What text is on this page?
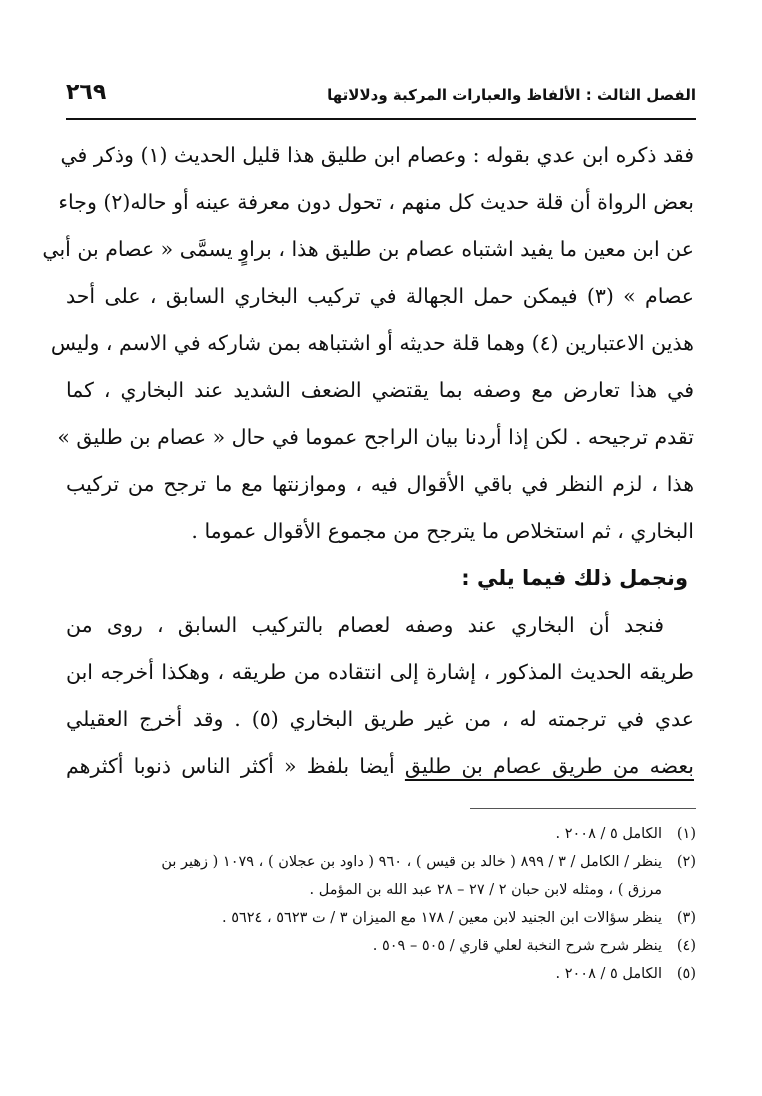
الفصل الثالث : الألفاظ والعبارات المركبة ودلالاتها
٢٦٩
فقد ذكره ابن عدي بقوله : وعصام ابن طليق هذا قليل الحديث (١) وذكر في
بعض الرواة أن قلة حديث كل منهم ، تحول دون معرفة عينه أو حاله(٢) وجاء
عن ابن معين ما يفيد اشتباه عصام بن طليق هذا ، براوٍ يسمَّى « عصام بن أبي
عصام » (٣) فيمكن حمل الجهالة في تركيب البخاري السابق ، على أحد
هذين الاعتبارين (٤) وهما قلة حديثه أو اشتباهه بمن شاركه في الاسم ، وليس
في هذا تعارض مع وصفه بما يقتضي الضعف الشديد عند البخاري ، كما
تقدم ترجيحه . لكن إذا أردنا بيان الراجح عموما في حال « عصام بن طليق »
هذا ، لزم النظر في باقي الأقوال فيه ، وموازنتها مع ما ترجح من تركيب
البخاري ، ثم استخلاص ما يترجح من مجموع الأقوال عموما .
ونجمل ذلك فيما يلي :
فنجد أن البخاري عند وصفه لعصام بالتركيب السابق ، روى من
طريقه الحديث المذكور ، إشارة إلى انتقاده من طريقه ، وهكذا أخرجه ابن
عدي في ترجمته له ، من غير طريق البخاري (٥) . وقد أخرج العقيلي
بعضه من طريق عصام بن طليق أيضا بلفظ « أكثر الناس ذنوبا أكثرهم
(١)الكامل ٥ / ٢٠٠٨ .
(٢)ينظر / الكامل / ٣ / ٨٩٩ ( خالد بن قيس ) ، ٩٦٠ ( داود بن عجلان ) ، ١٠٧٩ ( زهير بن
مرزق ) ، ومثله لابن حبان ٢ / ٢٧ – ٢٨ عبد الله بن المؤمل .
(٣)ينظر سؤالات ابن الجنيد لابن معين / ١٧٨ مع الميزان ٣ / ت ٥٦٢٣ ، ٥٦٢٤ .
(٤)ينظر شرح شرح النخبة لعلي قاري / ٥٠٥ – ٥٠٩ .
(٥)الكامل ٥ / ٢٠٠٨ .
